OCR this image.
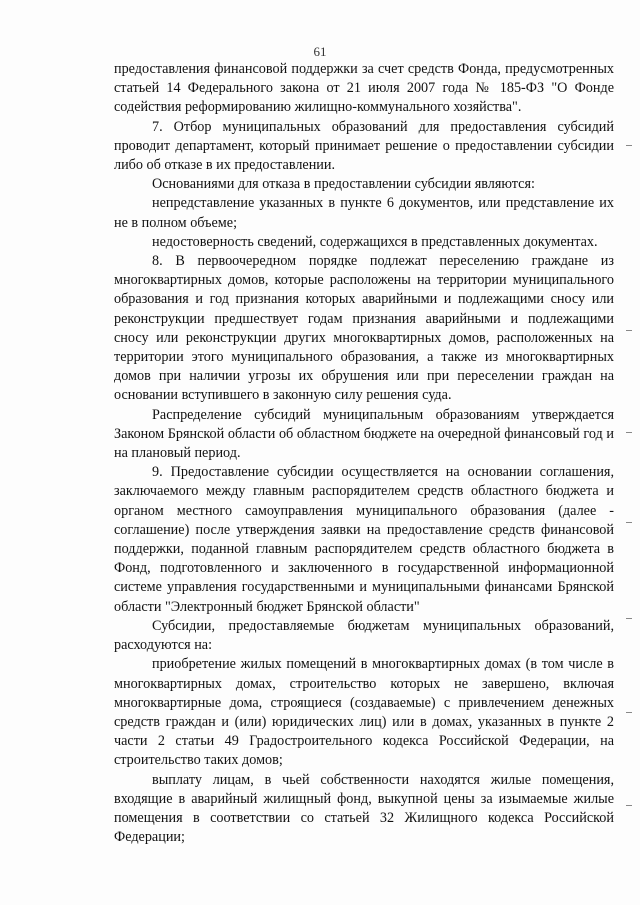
61

предоставления финансовой поддержки за счет средств Фонда, предусмотренных статьей 14 Федерального закона от 21 июля 2007 года № 185-ФЗ "О Фонде содействия реформированию жилищно-коммунального хозяйства".

7. Отбор муниципальных образований для предоставления субсидий проводит департамент, который принимает решение о предоставлении субсидии либо об отказе в их предоставлении.

Основаниями для отказа в предоставлении субсидии являются:

непредставление указанных в пункте 6 документов, или представление их не в полном объеме;

недостоверность сведений, содержащихся в представленных документах.

8. В первоочередном порядке подлежат переселению граждане из многоквартирных домов, которые расположены на территории муниципального образования и год признания которых аварийными и подлежащими сносу или реконструкции предшествует годам признания аварийными и подлежащими сносу или реконструкции других многоквартирных домов, расположенных на территории этого муниципального образования, а также из многоквартирных домов при наличии угрозы их обрушения или при переселении граждан на основании вступившего в законную силу решения суда.

Распределение субсидий муниципальным образованиям утверждается Законом Брянской области об областном бюджете на очередной финансовый год и на плановый период.

9. Предоставление субсидии осуществляется на основании соглашения, заключаемого между главным распорядителем средств областного бюджета и органом местного самоуправления муниципального образования (далее - соглашение) после утверждения заявки на предоставление средств финансовой поддержки, поданной главным распорядителем средств областного бюджета в Фонд, подготовленного и заключенного в государственной информационной системе управления государственными и муниципальными финансами Брянской области "Электронный бюджет Брянской области"

Субсидии, предоставляемые бюджетам муниципальных образований, расходуются на:

приобретение жилых помещений в многоквартирных домах (в том числе в многоквартирных домах, строительство которых не завершено, включая многоквартирные дома, строящиеся (создаваемые) с привлечением денежных средств граждан и (или) юридических лиц) или в домах, указанных в пункте 2 части 2 статьи 49 Градостроительного кодекса Российской Федерации, на строительство таких домов;

выплату лицам, в чьей собственности находятся жилые помещения, входящие в аварийный жилищный фонд, выкупной цены за изымаемые жилые помещения в соответствии со статьей 32 Жилищного кодекса Российской Федерации;
